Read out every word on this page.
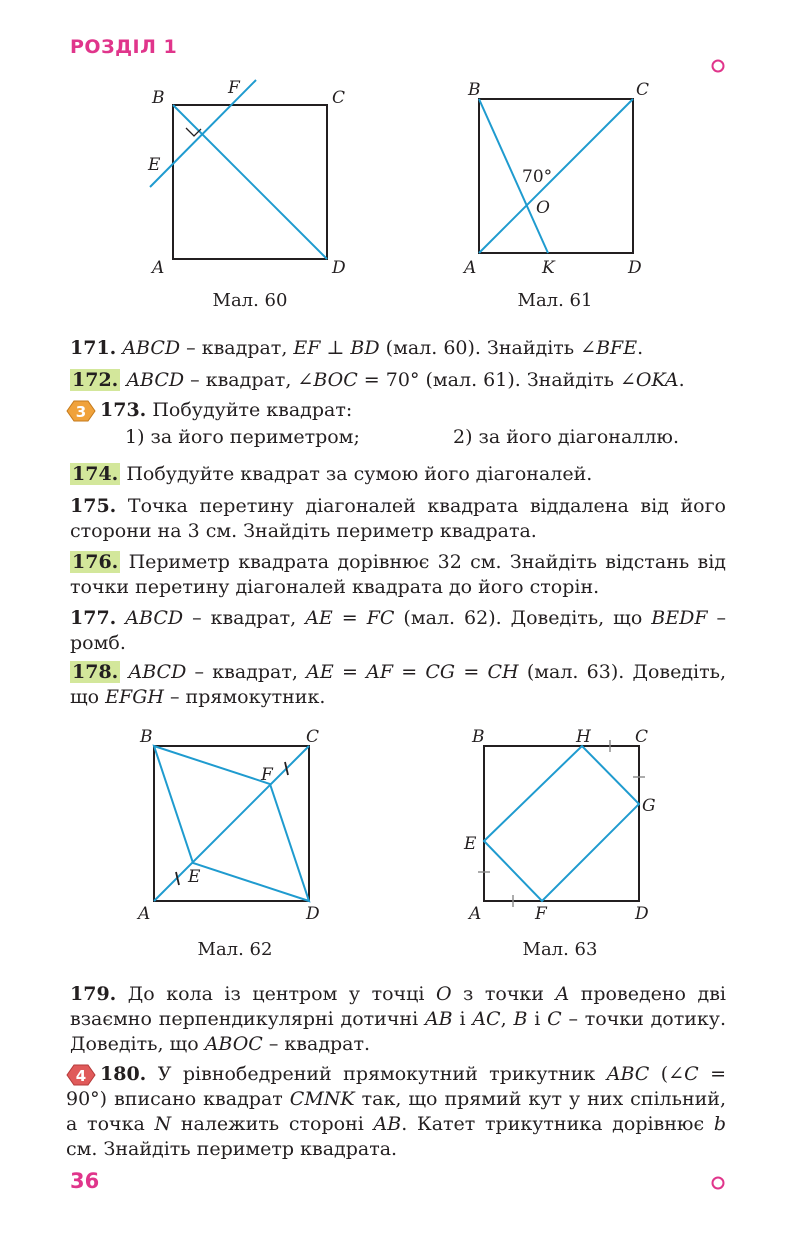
РОЗДІЛ 1
B	C
A	D
E
F
Мал. 60
B	C
A	D
K
O
70°
Мал. 61
171. ABCD – квадрат, EF ⊥ BD (мал. 60). Знайдіть ∠BFE.
172. ABCD – квадрат, ∠BOC = 70° (мал. 61). Знайдіть ∠OKA.
3 173. Побудуйте квадрат:
1) за його периметром;	2) за його діагоналлю.
174. Побудуйте квадрат за сумою його діагоналей.
175. Точка перетину діагоналей квадрата віддалена від його сторони на 3 см. Знайдіть периметр квадрата.
176. Периметр квадрата дорівнює 32 см. Знайдіть відстань від точки перетину діагоналей квадрата до його сторін.
177. ABCD – квадрат, AE = FC (мал. 62). Доведіть, що BEDF – ромб.
178. ABCD – квадрат, AE = AF = CG = CH (мал. 63). Доведіть, що EFGH – прямокутник.
B	C
A	D
E
F
Мал. 62
B	H	C
G
E
A	F	D
Мал. 63
179. До кола із центром у точці O з точки A проведено дві взаємно перпендикулярні дотичні AB і AC, B і C – точки дотику. Доведіть, що ABOC – квадрат.
4 180. У рівнобедрений прямокутний трикутник ABC (∠C = 90°) вписано квадрат CMNK так, що прямий кут у них спільний, а точка N належить стороні AB. Катет трикутника дорівнює b см. Знайдіть периметр квадрата.
36
